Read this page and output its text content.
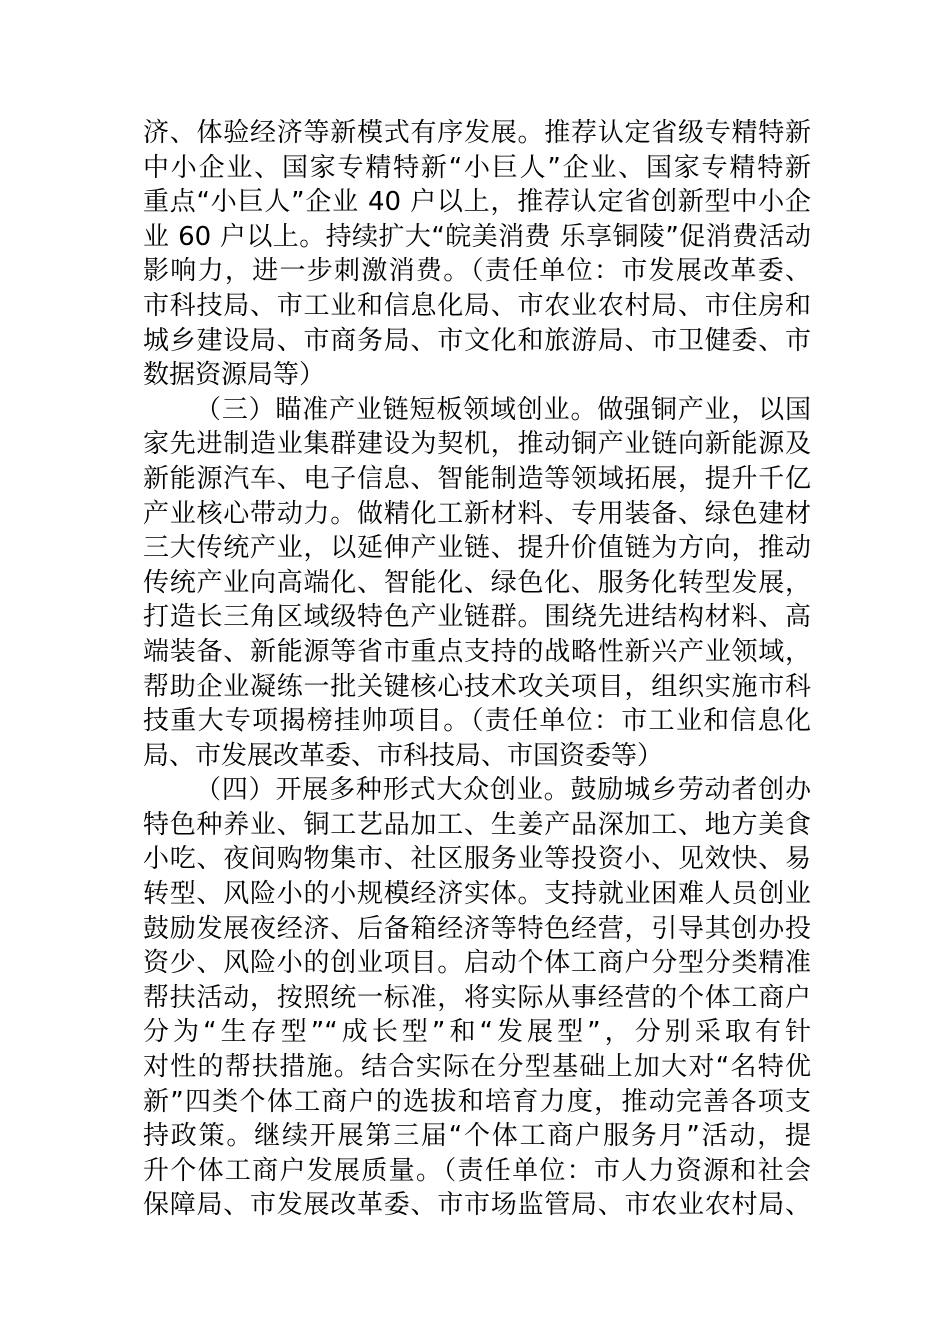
济、体验经济等新模式有序发展。推荐认定省级专精特新
中小企业、国家专精特新“小巨人”企业、国家专精特新
重点“小巨人”企业 40 户以上，推荐认定省创新型中小企
业 60 户以上。持续扩大“皖美消费 乐享铜陵”促消费活动
影响力，进一步刺激消费。（责任单位：市发展改革委、
市科技局、市工业和信息化局、市农业农村局、市住房和
城乡建设局、市商务局、市文化和旅游局、市卫健委、市
数据资源局等）
（三）瞄准产业链短板领域创业。做强铜产业，以国
家先进制造业集群建设为契机，推动铜产业链向新能源及
新能源汽车、电子信息、智能制造等领域拓展，提升千亿
产业核心带动力。做精化工新材料、专用装备、绿色建材
三大传统产业，以延伸产业链、提升价值链为方向，推动
传统产业向高端化、智能化、绿色化、服务化转型发展，
打造长三角区域级特色产业链群。围绕先进结构材料、高
端装备、新能源等省市重点支持的战略性新兴产业领域，
帮助企业凝练一批关键核心技术攻关项目，组织实施市科
技重大专项揭榜挂帅项目。（责任单位：市工业和信息化
局、市发展改革委、市科技局、市国资委等）
（四）开展多种形式大众创业。鼓励城乡劳动者创办
特色种养业、铜工艺品加工、生姜产品深加工、地方美食
小吃、夜间购物集市、社区服务业等投资小、见效快、易
转型、风险小的小规模经济实体。支持就业困难人员创业
鼓励发展夜经济、后备箱经济等特色经营，引导其创办投
资少、风险小的创业项目。启动个体工商户分型分类精准
帮扶活动，按照统一标准，将实际从事经营的个体工商户
分为“生存型”“成长型”和“发展型”，分别采取有针
对性的帮扶措施。结合实际在分型基础上加大对“名特优
新”四类个体工商户的选拔和培育力度，推动完善各项支
持政策。继续开展第三届“个体工商户服务月”活动，提
升个体工商户发展质量。（责任单位：市人力资源和社会
保障局、市发展改革委、市市场监管局、市农业农村局、
